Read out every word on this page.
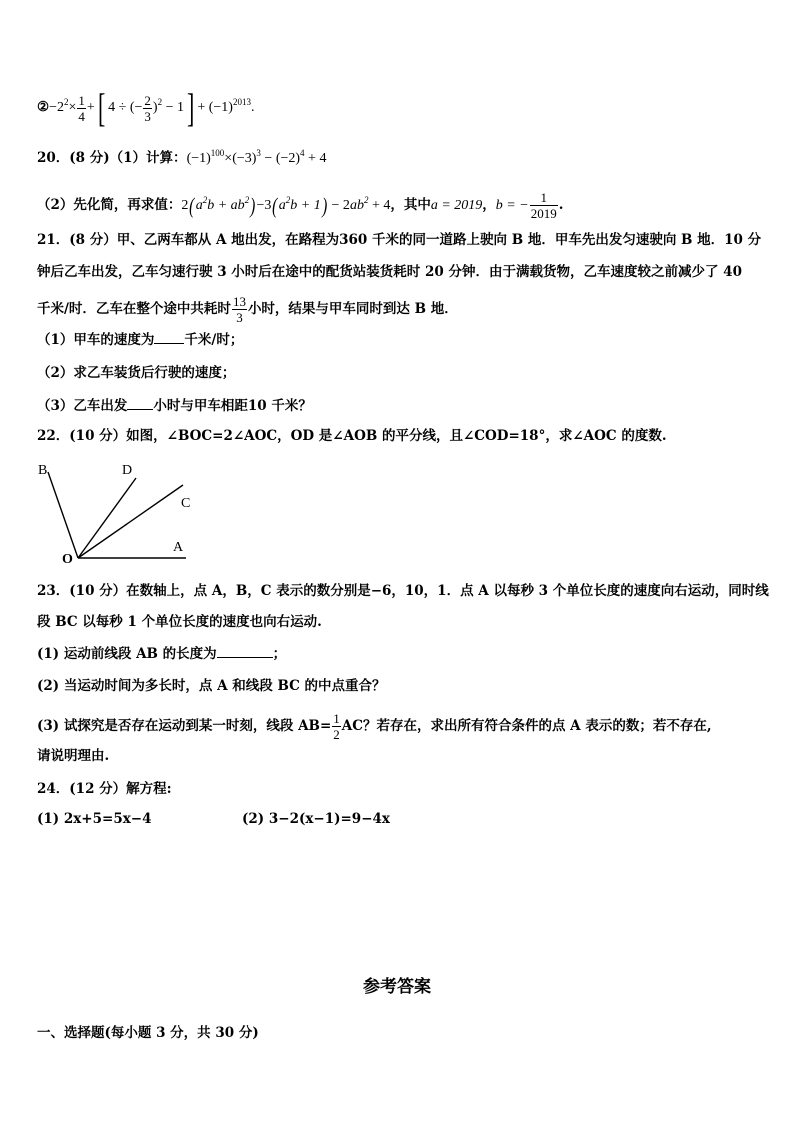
$②-2^2\times \frac{1}{4}$ +[ 4 ÷ (− $\frac{2}{3} )^2 - 1] + (-1)^{2013}$.
20．(8 分)（1）计算：$(-1)^{100}\times(-3)^3 - (-2)^4 + 4$
（2）先化简，再求值：$2(a^2b + ab^2)-3(a^2b + 1) - 2ab^2 + 4$，其中a = 2019，b = − $\frac{1}{2019}$ .
21．(8 分）甲、乙两车都从 A 地出发，在路程为360 千米的同一道路上驶向 B 地．甲车先出发匀速驶向 B 地．10 分
钟后乙车出发，乙车匀速行驶 3 小时后在途中的配货站装货耗时 20 分钟．由于满载货物，乙车速度较之前减少了 40
千米/时．乙车在整个途中共耗时 $\frac{13}{3}$ 小时，结果与甲车同时到达 B 地．
（1）甲车的速度为 千米/时；
（2）求乙车装货后行驶的速度；
（3）乙车出发 小时与甲车相距10 千米？
22．(10 分）如图，∠BOC=2∠AOC，OD 是∠AOB 的平分线，且∠COD=18°，求∠AOC 的度数.
B	D
C
A
O
23．(10 分）在数轴上，点 A，B，C 表示的数分别是−6，10，1．点 A 以每秒 3 个单位长度的速度向右运动，同时线
段 BC 以每秒 1 个单位长度的速度也向右运动.
(1) 运动前线段 AB 的长度为	；
(2) 当运动时间为多长时，点 A 和线段 BC 的中点重合？
(3) 试探究是否存在运动到某一时刻，线段 $AB= \frac{1}{2}$ AC？若存在，求出所有符合条件的点 A 表示的数；若不存在,
请说明理由.
24．(12 分）解方程:
(1) 2x+5=5x−4	(2) 3−2(x−1)=9−4x
参考答案
一、选择题(每小题 3 分，共 30 分)
